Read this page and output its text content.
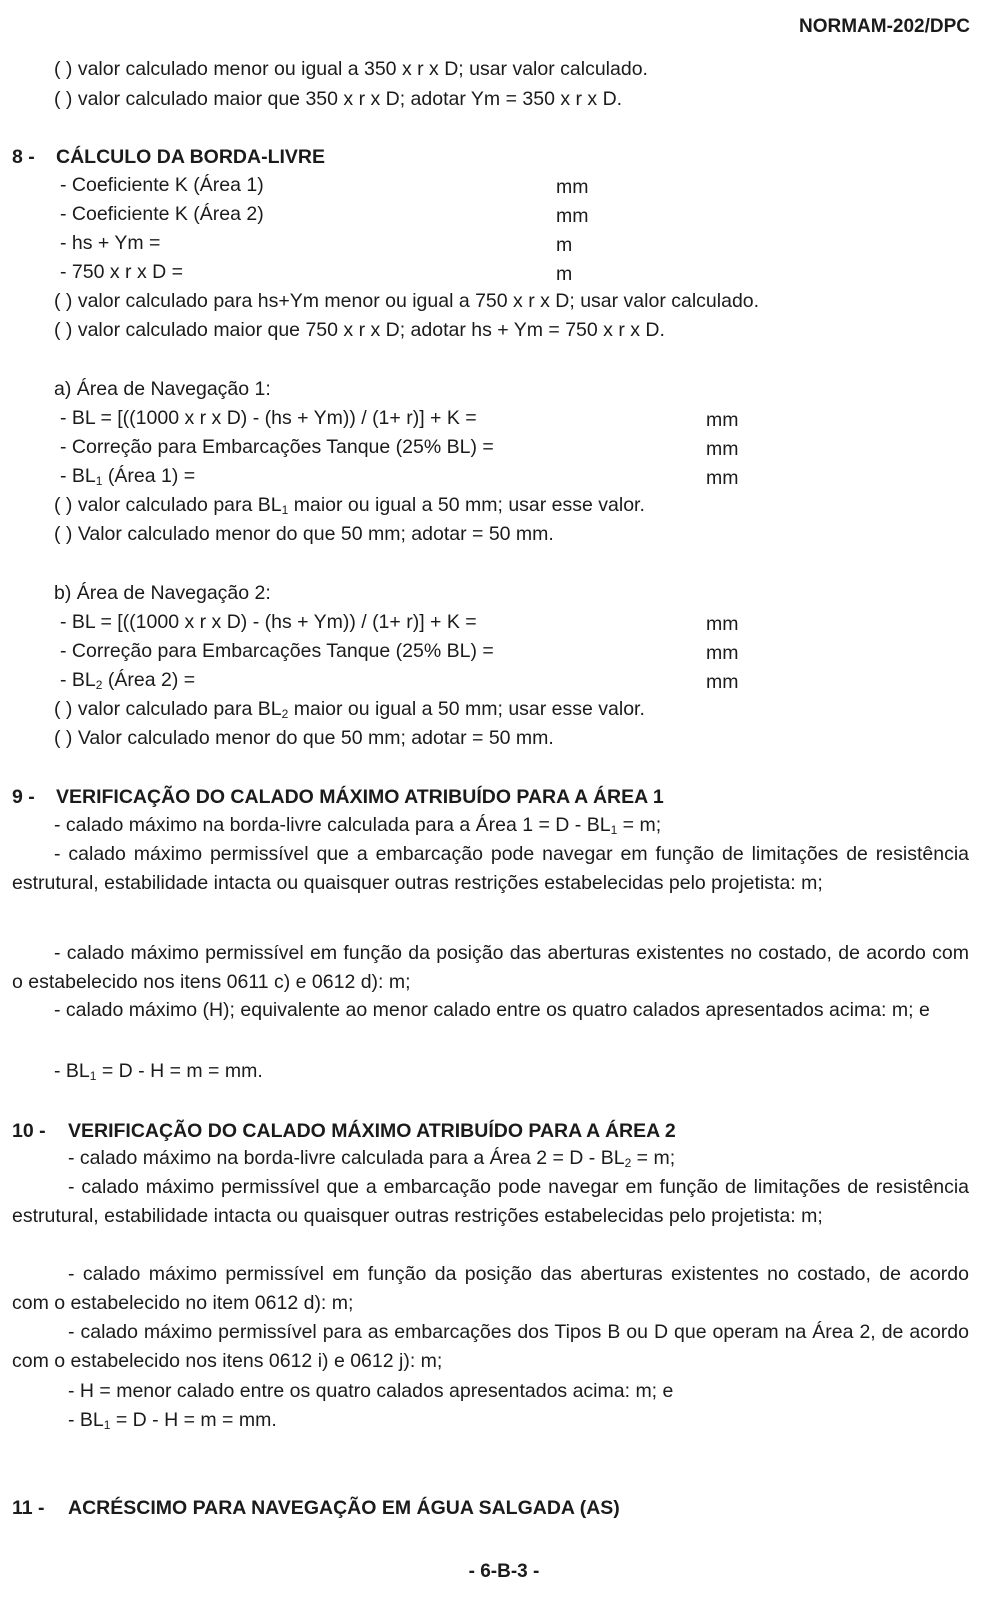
NORMAM-202/DPC
( ) valor calculado menor ou igual a 350 x r x D; usar valor calculado.
( ) valor calculado maior que 350 x r x D; adotar Ym = 350 x r x D.
8 - CÁLCULO DA BORDA-LIVRE
- Coeficiente K (Área 1)	mm
- Coeficiente K (Área 2)	mm
- hs + Ym =	m
- 750 x r x D =	m
( ) valor calculado para hs+Ym menor ou igual a 750 x r x D; usar valor calculado.
( ) valor calculado maior que 750 x r x D; adotar hs + Ym = 750 x r x D.
a) Área de Navegação 1:
- BL = [((1000 x r x D) - (hs + Ym)) / (1+ r)] + K =	mm
- Correção para Embarcações Tanque (25% BL) =	mm
- $BL_1$ (Área 1) =	mm
( ) valor calculado para $BL_1$ maior ou igual a 50 mm; usar esse valor.
( ) Valor calculado menor do que 50 mm; adotar = 50 mm.
b) Área de Navegação 2:
- BL = [((1000 x r x D) - (hs + Ym)) / (1+ r)] + K =	mm
- Correção para Embarcações Tanque (25% BL) =	mm
- $BL_2$ (Área 2) =	mm
( ) valor calculado para $BL_2$ maior ou igual a 50 mm; usar esse valor.
( ) Valor calculado menor do que 50 mm; adotar = 50 mm.
9 - VERIFICAÇÃO DO CALADO MÁXIMO ATRIBUÍDO PARA A ÁREA 1
- calado máximo na borda-livre calculada para a Área $1 = D - BL_1 = m$;
- calado máximo permissível que a embarcação pode navegar em função de limitações de resistência estrutural, estabilidade intacta ou quaisquer outras restrições estabelecidas pelo projetista: m;
- calado máximo permissível em função da posição das aberturas existentes no costado, de acordo com o estabelecido nos itens 0611 c) e 0612 d): m;
- calado máximo (H); equivalente ao menor calado entre os quatro calados apresentados acima: m; e
- $BL_1 = D - H = m$ = mm.
10 - VERIFICAÇÃO DO CALADO MÁXIMO ATRIBUÍDO PARA A ÁREA 2
- calado máximo na borda-livre calculada para a Área $2 = D - BL_2 = m$;
- calado máximo permissível que a embarcação pode navegar em função de limitações de resistência estrutural, estabilidade intacta ou quaisquer outras restrições estabelecidas pelo projetista: m;
- calado máximo permissível em função da posição das aberturas existentes no costado, de acordo com o estabelecido no item 0612 d): m;
- calado máximo permissível para as embarcações dos Tipos B ou D que operam na Área 2, de acordo com o estabelecido nos itens 0612 i) e 0612 j): m;
- H = menor calado entre os quatro calados apresentados acima: m; e
- $BL_1 = D - H = m$ = mm.
11 - ACRÉSCIMO PARA NAVEGAÇÃO EM ÁGUA SALGADA (AS)
- 6-B-3 -
